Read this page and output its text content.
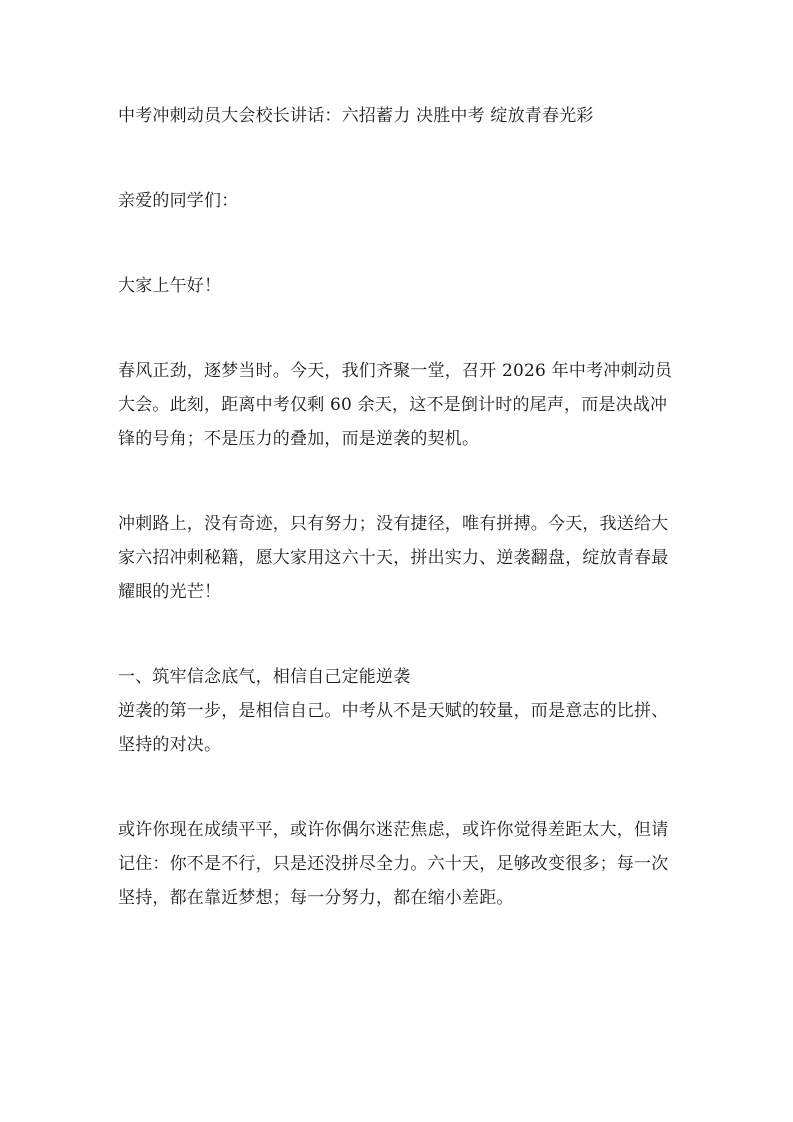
中考冲刺动员大会校长讲话：六招蓄力 决胜中考 绽放青春光彩

亲爱的同学们：

大家上午好！

春风正劲，逐梦当时。今天，我们齐聚一堂，召开 2026 年中考冲刺动员大会。此刻，距离中考仅剩 60 余天，这不是倒计时的尾声，而是决战冲锋的号角；不是压力的叠加，而是逆袭的契机。

冲刺路上，没有奇迹，只有努力；没有捷径，唯有拼搏。今天，我送给大家六招冲刺秘籍，愿大家用这六十天，拼出实力、逆袭翻盘，绽放青春最耀眼的光芒！

一、筑牢信念底气，相信自己定能逆袭

逆袭的第一步，是相信自己。中考从不是天赋的较量，而是意志的比拼、坚持的对决。

或许你现在成绩平平，或许你偶尔迷茫焦虑，或许你觉得差距太大，但请记住：你不是不行，只是还没拼尽全力。六十天，足够改变很多；每一次坚持，都在靠近梦想；每一分努力，都在缩小差距。
